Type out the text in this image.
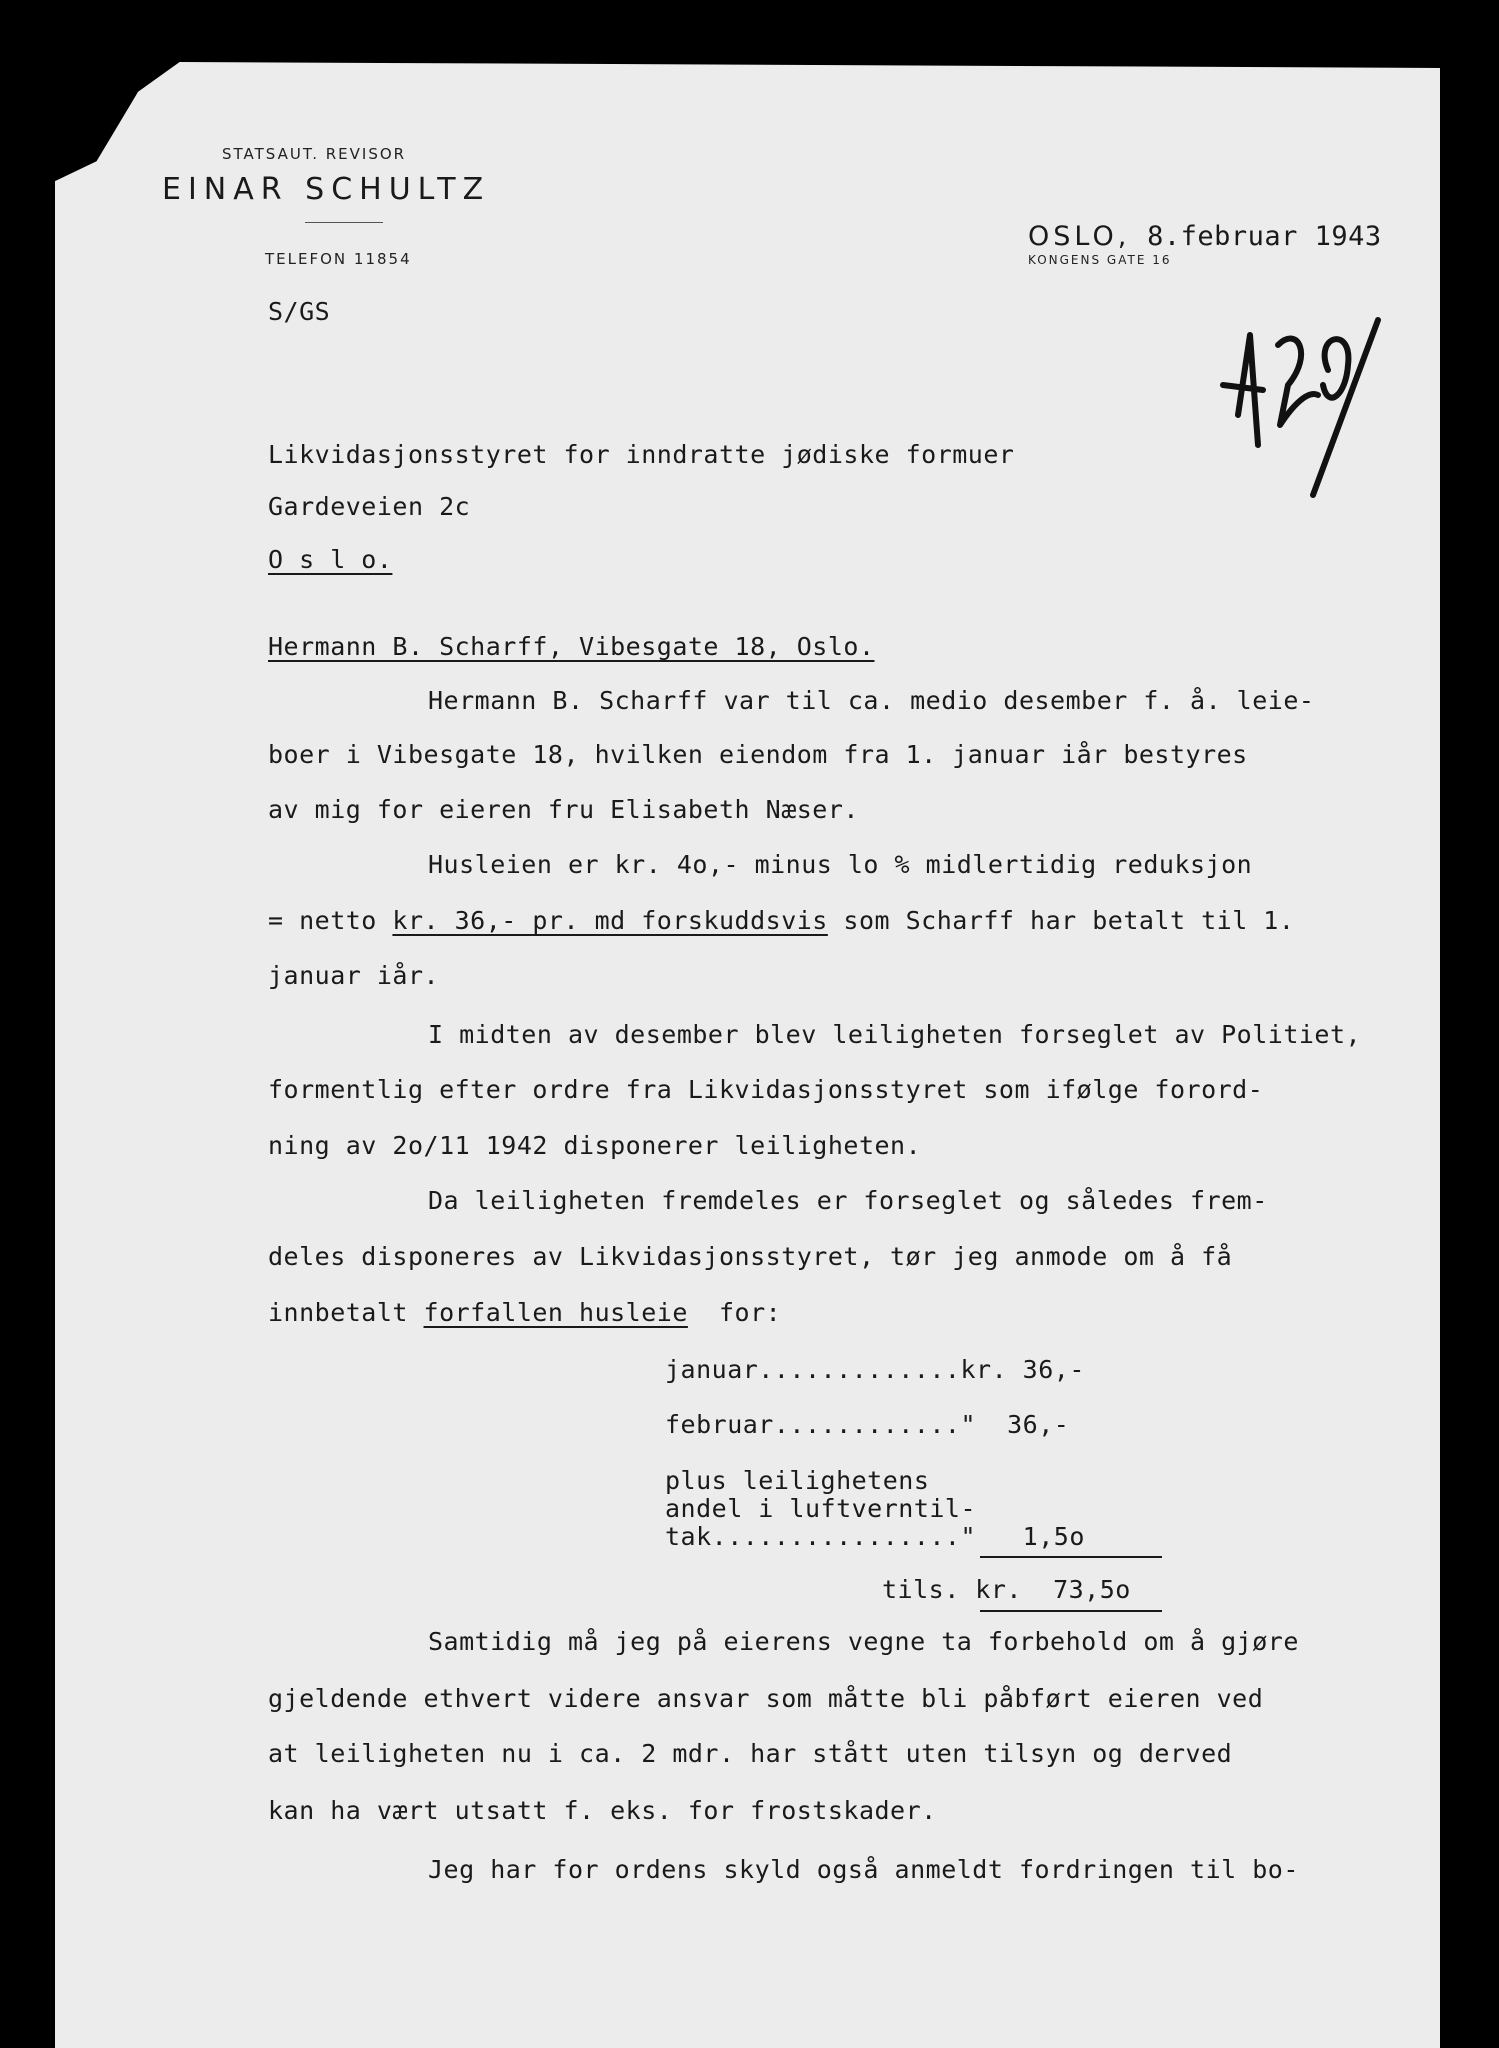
STATSAUT. REVISOR
EINAR SCHULTZ
TELEFON 11854
OSLO, 8.februar 1943
KONGENS GATE 16
S/GS
Likvidasjonsstyret for inndratte jødiske formuer
Gardeveien 2c
O s l o.
Hermann B. Scharff, Vibesgate 18, Oslo.
Hermann B. Scharff var til ca. medio desember f. å. leie-
boer i Vibesgate 18, hvilken eiendom fra 1. januar iår bestyres
av mig for eieren fru Elisabeth Næser.
Husleien er kr. 4o,- minus lo % midlertidig reduksjon
= netto kr. 36,- pr. md forskuddsvis som Scharff har betalt til 1.
januar iår.
I midten av desember blev leiligheten forseglet av Politiet,
formentlig efter ordre fra Likvidasjonsstyret som ifølge forord-
ning av 2o/11 1942 disponerer leiligheten.
Da leiligheten fremdeles er forseglet og således frem-
deles disponeres av Likvidasjonsstyret, tør jeg anmode om å få
innbetalt forfallen husleie  for:
januar.............kr. 36,-
februar............"  36,-
plus leilighetens
andel i luftverntil-
tak................"   1,5o
tils. kr.  73,5o
Samtidig må jeg på eierens vegne ta forbehold om å gjøre
gjeldende ethvert videre ansvar som måtte bli påbført eieren ved
at leiligheten nu i ca. 2 mdr. har stått uten tilsyn og derved
kan ha vært utsatt f. eks. for frostskader.
Jeg har for ordens skyld også anmeldt fordringen til bo-
